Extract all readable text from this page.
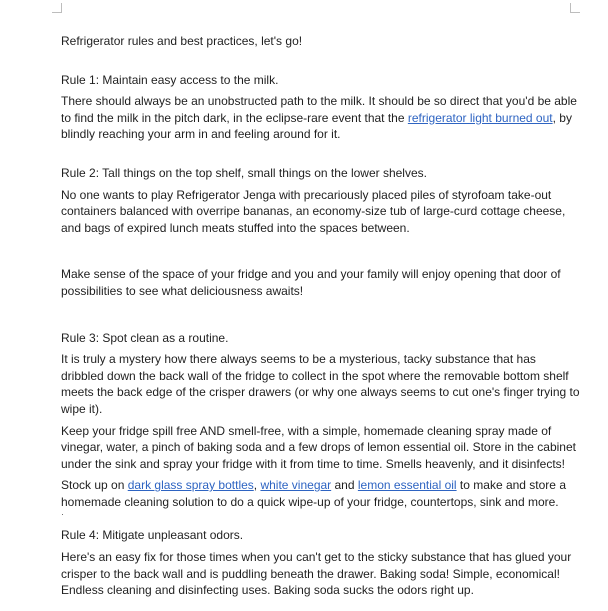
Refrigerator rules and best practices, let's go!

Rule 1: Maintain easy access to the milk.

There should always be an unobstructed path to the milk. It should be so direct that you'd be able to find the milk in the pitch dark, in the eclipse-rare event that the refrigerator light burned out, by blindly reaching your arm in and feeling around for it.

Rule 2: Tall things on the top shelf, small things on the lower shelves.

No one wants to play Refrigerator Jenga with precariously placed piles of styrofoam take-out containers balanced with overripe bananas, an economy-size tub of large-curd cottage cheese, and bags of expired lunch meats stuffed into the spaces between.

Make sense of the space of your fridge and you and your family will enjoy opening that door of possibilities to see what deliciousness awaits!

Rule 3: Spot clean as a routine.

It is truly a mystery how there always seems to be a mysterious, tacky substance that has dribbled down the back wall of the fridge to collect in the spot where the removable bottom shelf meets the back edge of the crisper drawers (or why one always seems to cut one's finger trying to wipe it).

Keep your fridge spill free AND smell-free, with a simple, homemade cleaning spray made of vinegar, water, a pinch of baking soda and a few drops of lemon essential oil. Store in the cabinet under the sink and spray your fridge with it from time to time. Smells heavenly, and it disinfects!

Stock up on dark glass spray bottles, white vinegar and lemon essential oil to make and store a homemade cleaning solution to do a quick wipe-up of your fridge, countertops, sink and more.

·

Rule 4: Mitigate unpleasant odors.

Here's an easy fix for those times when you can't get to the sticky substance that has glued your crisper to the back wall and is puddling beneath the drawer. Baking soda! Simple, economical! Endless cleaning and disinfecting uses. Baking soda sucks the odors right up.
